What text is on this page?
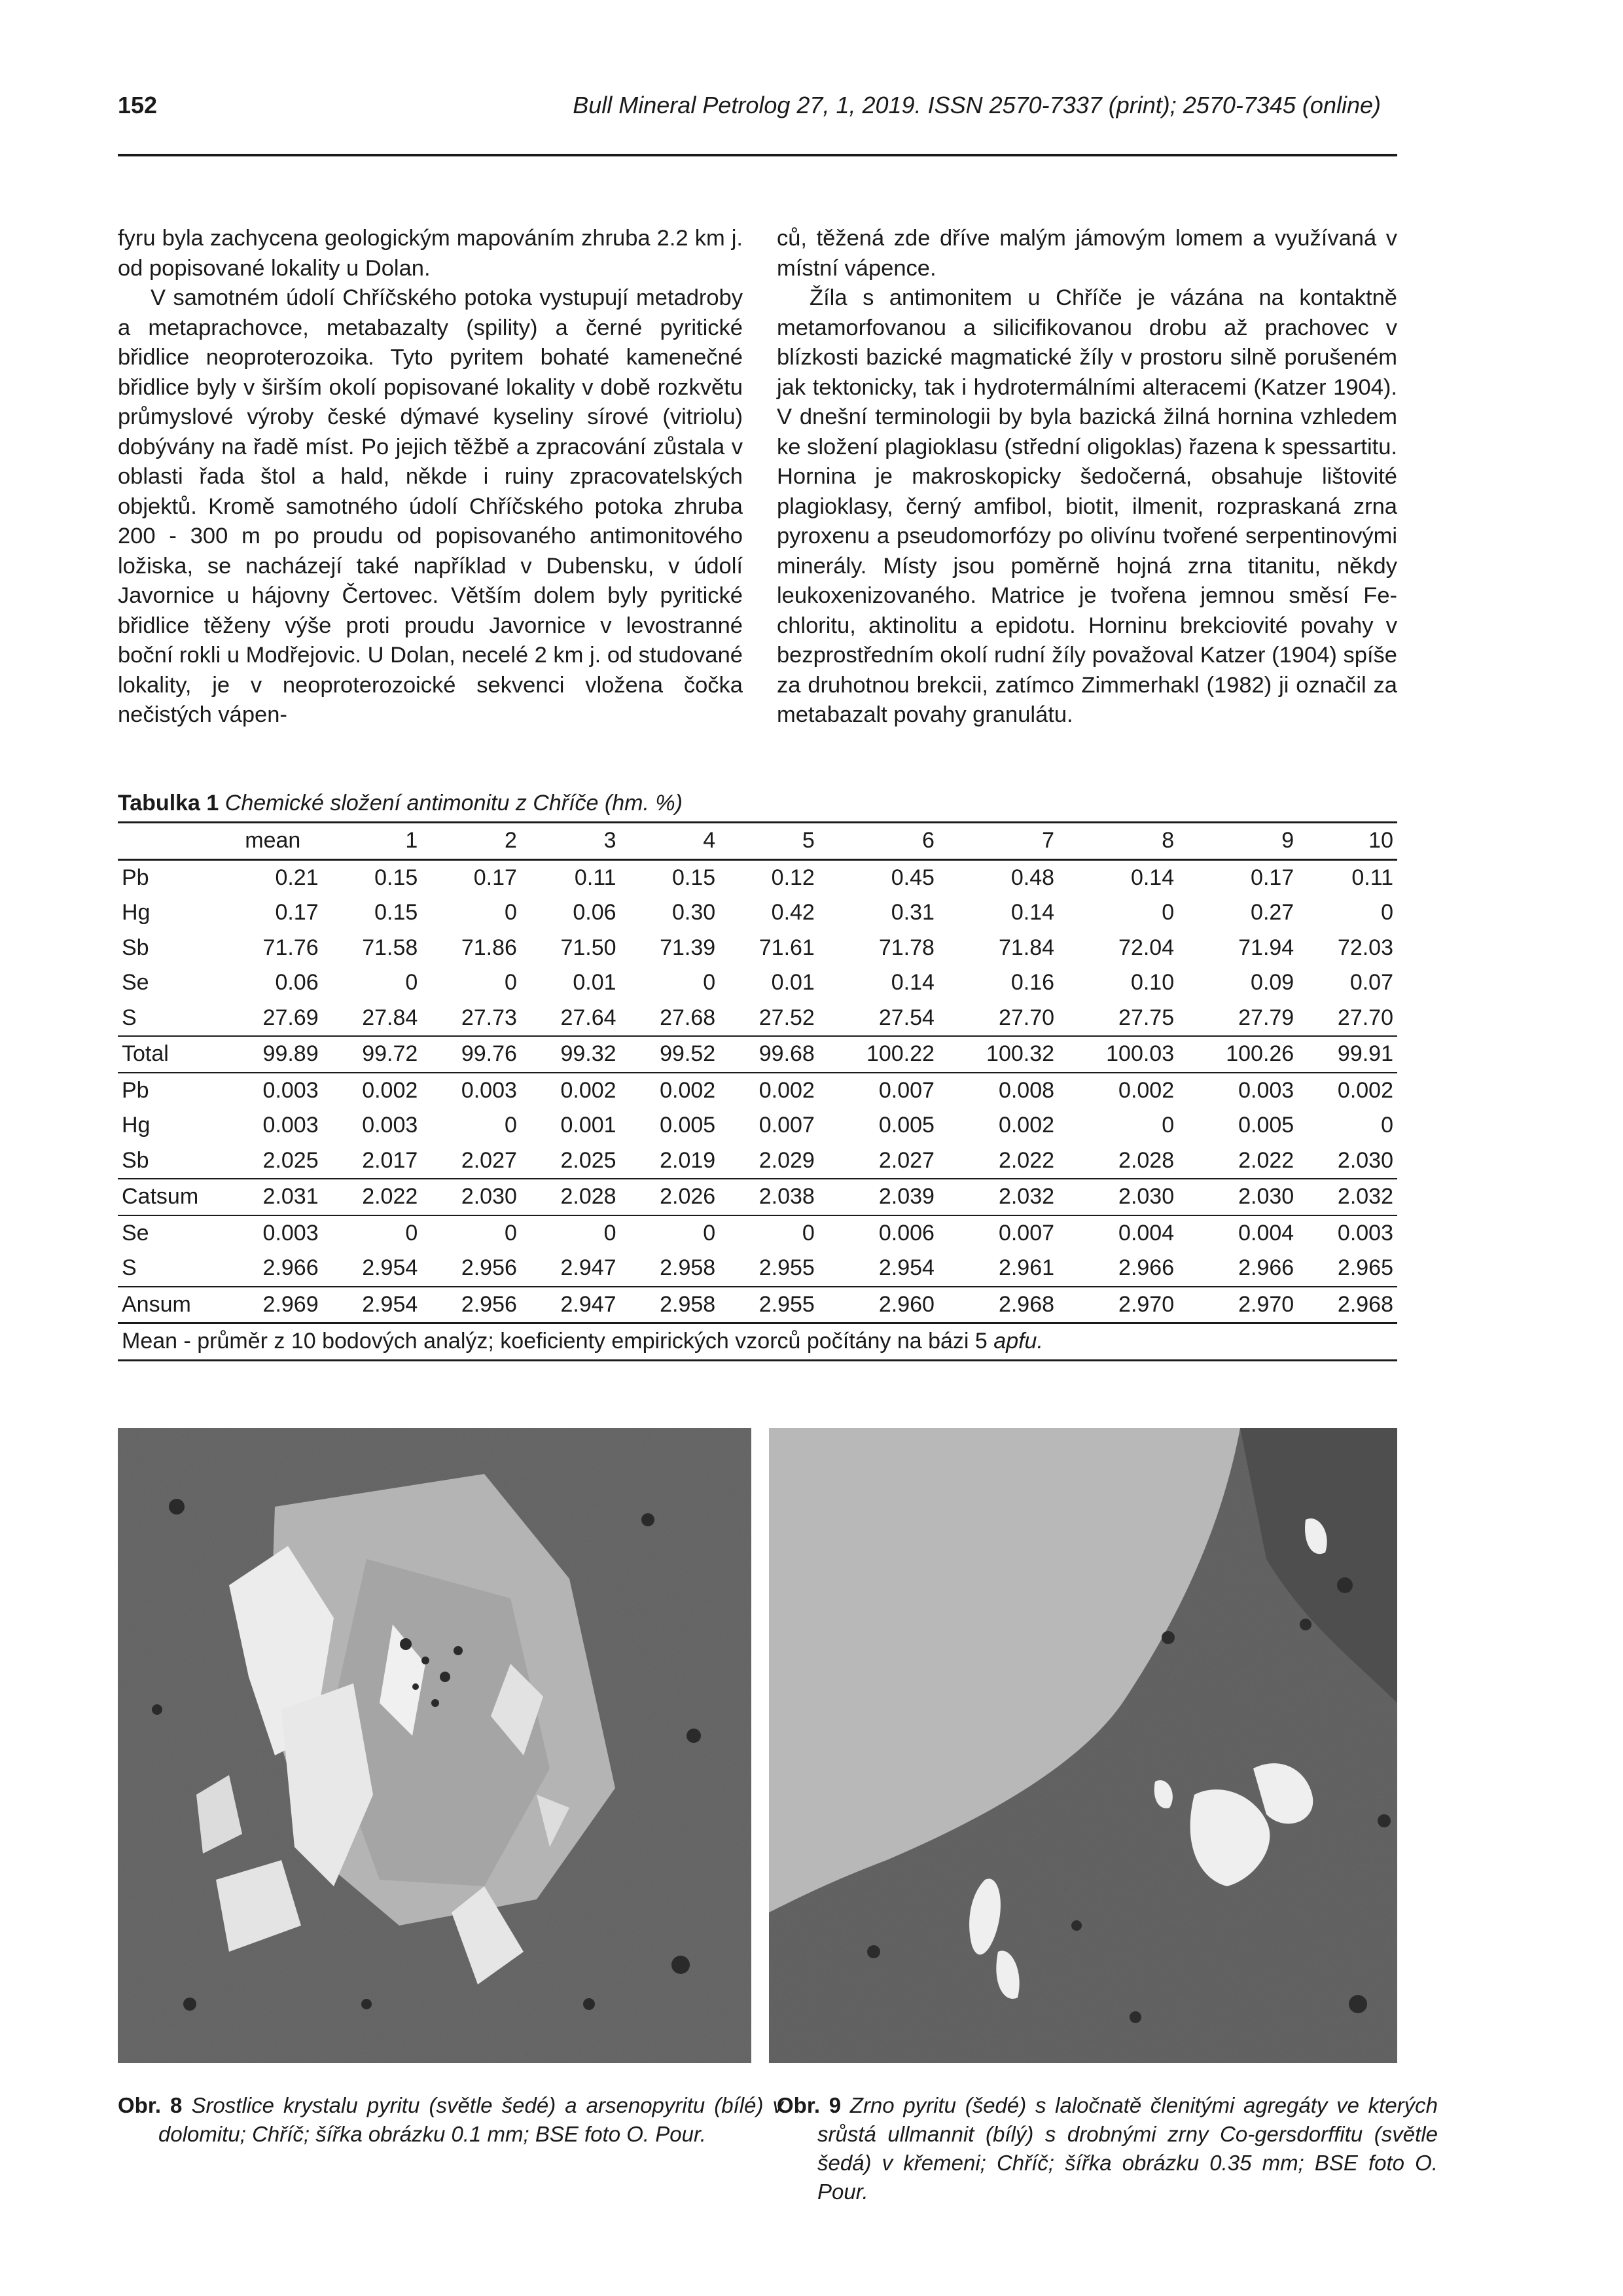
152	Bull Mineral Petrolog 27, 1, 2019. ISSN 2570-7337 (print); 2570-7345 (online)

fyru byla zachycena geologickým mapováním zhruba 2.2 km j. od popisované lokality u Dolan.

V samotném údolí Chříčského potoka vystupují metadroby a metaprachovce, metabazalty (spility) a černé pyritické břidlice neoproterozoika. Tyto pyritem bohaté kamenečné břidlice byly v širším okolí popisované lokality v době rozkvětu průmyslové výroby české dýmavé kyseliny sírové (vitriolu) dobývány na řadě míst. Po jejich těžbě a zpracování zůstala v oblasti řada štol a hald, někde i ruiny zpracovatelských objektů. Kromě samotného údolí Chříčského potoka zhruba 200 - 300 m po proudu od popisovaného antimonitového ložiska, se nacházejí také například v Dubensku, v údolí Javornice u hájovny Čertovec. Větším dolem byly pyritické břidlice těženy výše proti proudu Javornice v levostranné boční rokli u Modřejovic. U Dolan, necelé 2 km j. od studované lokality, je v neoproterozoické sekvenci vložena čočka nečistých vápen-

ců, těžená zde dříve malým jámovým lomem a využívaná v místní vápence.

Žíla s antimonitem u Chříče je vázána na kontaktně metamorfovanou a silicifikovanou drobu až prachovec v blízkosti bazické magmatické žíly v prostoru silně porušeném jak tektonicky, tak i hydrotermálními alteracemi (Katzer 1904). V dnešní terminologii by byla bazická žilná hornina vzhledem ke složení plagioklasu (střední oligoklas) řazena k spessartitu. Hornina je makroskopicky šedočerná, obsahuje lištovité plagioklasy, černý amfibol, biotit, ilmenit, rozpraskaná zrna pyroxenu a pseudomorfózy po olivínu tvořené serpentinovými minerály. Místy jsou poměrně hojná zrna titanitu, někdy leukoxenizovaného. Matrice je tvořena jemnou směsí Fe-chloritu, aktinolitu a epidotu. Horninu brekciovité povahy v bezprostředním okolí rudní žíly považoval Katzer (1904) spíše za druhotnou brekcii, zatímco Zimmerhakl (1982) ji označil za metabazalt povahy granulátu.

Tabulka 1 Chemické složení antimonitu z Chříče (hm. %)
	mean	1	2	3	4	5	6	7	8	9	10
Pb	0.21	0.15	0.17	0.11	0.15	0.12	0.45	0.48	0.14	0.17	0.11
Hg	0.17	0.15	0	0.06	0.30	0.42	0.31	0.14	0	0.27	0
Sb	71.76	71.58	71.86	71.50	71.39	71.61	71.78	71.84	72.04	71.94	72.03
Se	0.06	0	0	0.01	0	0.01	0.14	0.16	0.10	0.09	0.07
S	27.69	27.84	27.73	27.64	27.68	27.52	27.54	27.70	27.75	27.79	27.70
Total	99.89	99.72	99.76	99.32	99.52	99.68	100.22	100.32	100.03	100.26	99.91
Pb	0.003	0.002	0.003	0.002	0.002	0.002	0.007	0.008	0.002	0.003	0.002
Hg	0.003	0.003	0	0.001	0.005	0.007	0.005	0.002	0	0.005	0
Sb	2.025	2.017	2.027	2.025	2.019	2.029	2.027	2.022	2.028	2.022	2.030
Catsum	2.031	2.022	2.030	2.028	2.026	2.038	2.039	2.032	2.030	2.030	2.032
Se	0.003	0	0	0	0	0	0.006	0.007	0.004	0.004	0.003
S	2.966	2.954	2.956	2.947	2.958	2.955	2.954	2.961	2.966	2.966	2.965
Ansum	2.969	2.954	2.956	2.947	2.958	2.955	2.960	2.968	2.970	2.970	2.968
Mean - průměr z 10 bodových analýz; koeficienty empirických vzorců počítány na bázi 5 apfu.											
Obr. 8 Srostlice krystalu pyritu (světle šedé) a arsenopyritu (bílé) v dolomitu; Chříč; šířka obrázku 0.1 mm; BSE foto O. Pour.
Obr. 9 Zrno pyritu (šedé) s laločnatě členitými agregáty ve kterých srůstá ullmannit (bílý) s drobnými zrny Co-gersdorffitu (světle šedá) v křemeni; Chříč; šířka obrázku 0.35 mm; BSE foto O. Pour.
